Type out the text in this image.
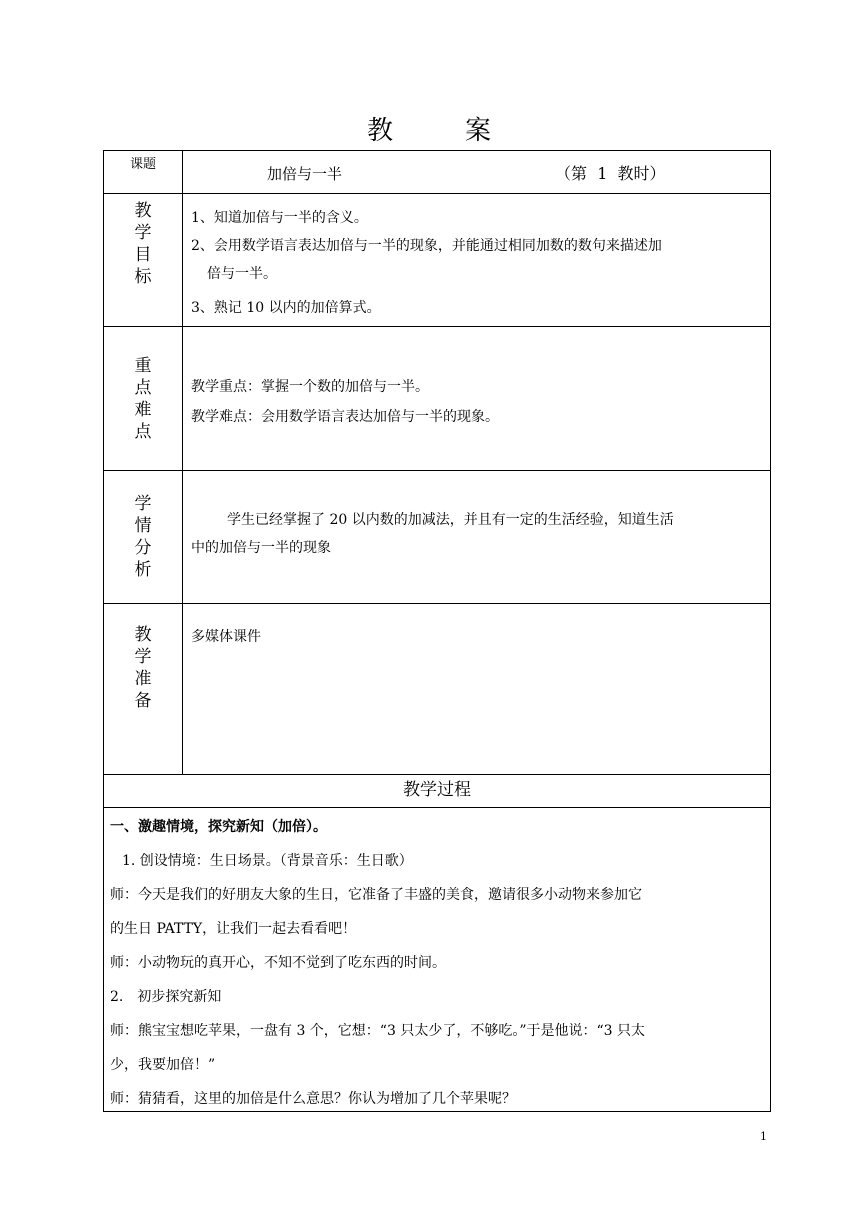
教	案
课题
加倍与一半	（第 1 教时）
教
学
目
标

1、知道加倍与一半的含义。

2、会用数学语言表达加倍与一半的现象，并能通过相同加数的数句来描述加

倍与一半。

3、熟记 10 以内的加倍算式。

重
点
难
点

教学重点：掌握一个数的加倍与一半。

教学难点：会用数学语言表达加倍与一半的现象。

学
情
分
析

学生已经掌握了 20 以内数的加减法，并且有一定的生活经验，知道生活

中的加倍与一半的现象

教
学
准
备

多媒体课件

教学过程

一、激趣情境，探究新知（加倍）。

1. 创设情境：生日场景。（背景音乐：生日歌）

师：今天是我们的好朋友大象的生日，它准备了丰盛的美食，邀请很多小动物来参加它

的生日 PATTY，让我们一起去看看吧！

师：小动物玩的真开心，不知不觉到了吃东西的时间。

2.　初步探究新知

师：熊宝宝想吃苹果，一盘有 3 个，它想：“3 只太少了，不够吃。”于是他说：“3 只太

少，我要加倍！”

师：猜猜看，这里的加倍是什么意思？你认为增加了几个苹果呢？

1
